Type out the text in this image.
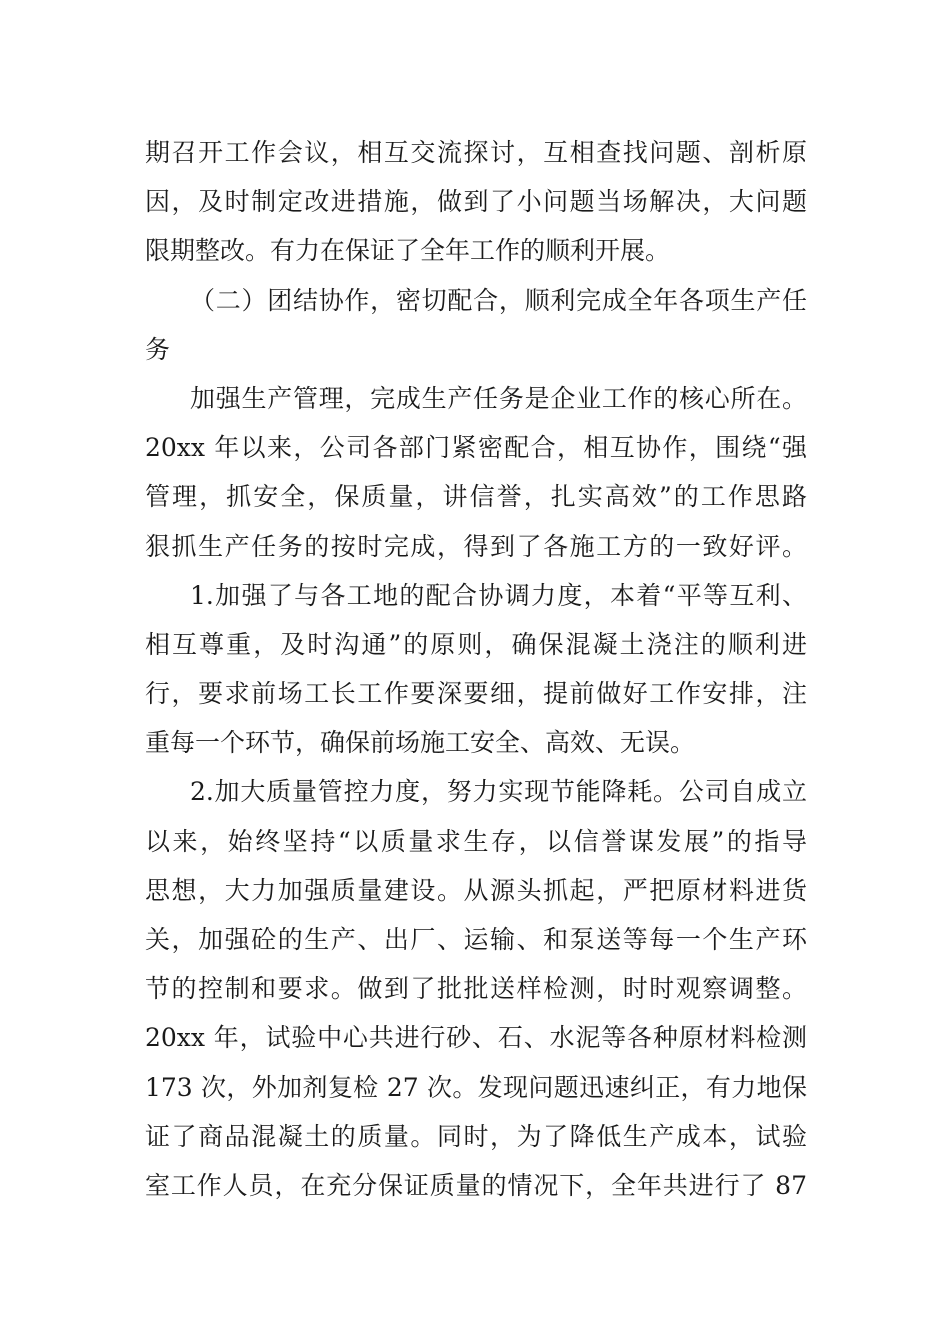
期召开工作会议，相互交流探讨，互相查找问题、剖析原
因，及时制定改进措施，做到了小问题当场解决，大问题
限期整改。有力在保证了全年工作的顺利开展。
（二）团结协作，密切配合，顺利完成全年各项生产任
务
加强生产管理，完成生产任务是企业工作的核心所在。
20xx 年以来，公司各部门紧密配合，相互协作，围绕“强
管理，抓安全，保质量，讲信誉，扎实高效”的工作思路
狠抓生产任务的按时完成，得到了各施工方的一致好评。
1.加强了与各工地的配合协调力度，本着“平等互利、
相互尊重，及时沟通”的原则，确保混凝土浇注的顺利进
行，要求前场工长工作要深要细，提前做好工作安排，注
重每一个环节，确保前场施工安全、高效、无误。
2.加大质量管控力度，努力实现节能降耗。公司自成立
以来，始终坚持“以质量求生存，以信誉谋发展”的指导
思想，大力加强质量建设。从源头抓起，严把原材料进货
关，加强砼的生产、出厂、运输、和泵送等每一个生产环
节的控制和要求。做到了批批送样检测，时时观察调整。
20xx 年，试验中心共进行砂、石、水泥等各种原材料检测
173 次，外加剂复检 27 次。发现问题迅速纠正，有力地保
证了商品混凝土的质量。同时，为了降低生产成本，试验
室工作人员，在充分保证质量的情况下，全年共进行了 87
